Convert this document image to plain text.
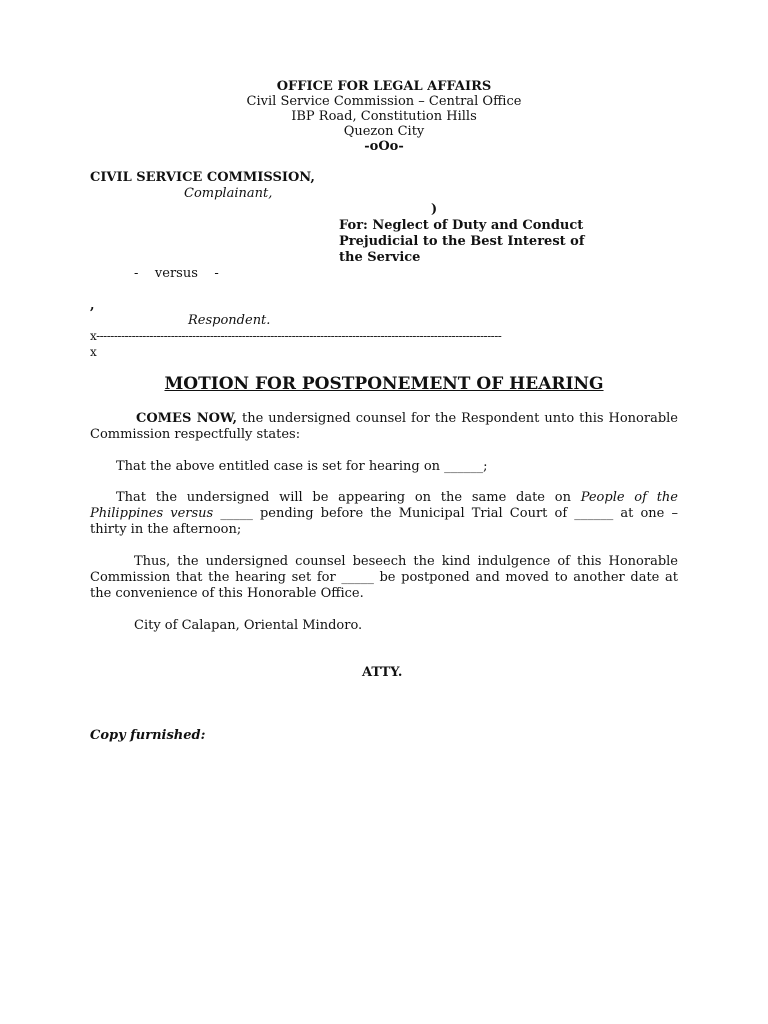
OFFICE FOR LEGAL AFFAIRS

Civil Service Commission – Central Office

IBP Road, Constitution Hills

Quezon City

-oOo-

CIVIL SERVICE COMMISSION,

Complainant,

)

For: Neglect of Duty and Conduct

Prejudicial to the Best Interest of

the Service

-    versus    -

,

Respondent.

x------------------------------------------------------------------------------------------------------------------

x

MOTION FOR POSTPONEMENT OF HEARING

COMES NOW, the undersigned counsel for the Respondent unto this Honorable Commission respectfully states:

That the above entitled case is set for hearing on ______;

That the undersigned will be appearing on the same date on People of the Philippines versus _____ pending before the Municipal Trial Court of ______ at one – thirty in the afternoon;

Thus, the undersigned counsel beseech the kind indulgence of this Honorable Commission that the hearing set for _____ be postponed and moved to another date at the convenience of this Honorable Office.

City of Calapan, Oriental Mindoro.

ATTY.

Copy furnished:
